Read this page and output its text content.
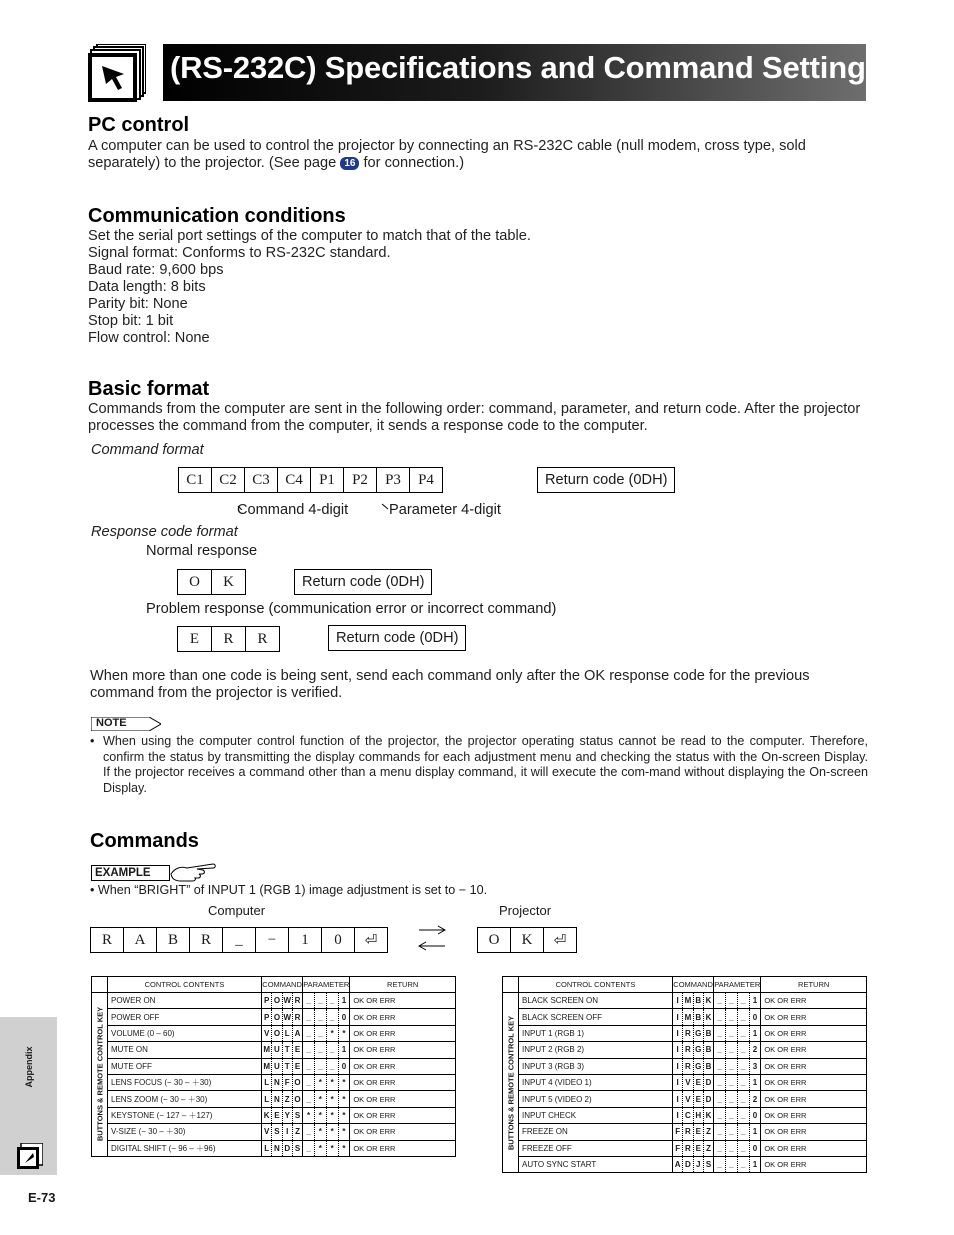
(RS-232C) Specifications and Command Settings
PC control
A computer can be used to control the projector by connecting an RS-232C cable (null modem, cross type, sold separately) to the projector. (See page 16 for connection.)
Communication conditions
Set the serial port settings of the computer to match that of the table.
Signal format: Conforms to RS-232C standard.
Baud rate: 9,600 bps
Data length: 8 bits
Parity bit: None
Stop bit: 1 bit
Flow control: None
Basic format
Commands from the computer are sent in the following order: command, parameter, and return code. After the projector processes the command from the computer, it sends a response code to the computer.
Command format
C1	C2	C3	C4	P1	P2	P3	P4	Return code (0DH)
Command 4-digit	Parameter 4-digit
Response code format
Normal response
O	K	Return code (0DH)
Problem response (communication error or incorrect command)
E	R	R	Return code (0DH)
When more than one code is being sent, send each command only after the OK response code for the previous command from the projector is verified.
NOTE
• When using the computer control function of the projector, the projector operating status cannot be read to the computer. Therefore, confirm the status by transmitting the display commands for each adjustment menu and checking the status with the On-screen Display. If the projector receives a command other than a menu display command, it will execute the com-mand without displaying the On-screen Display.
Commands
EXAMPLE
• When “BRIGHT” of INPUT 1 (RGB 1) image adjustment is set to − 10.
Computer	Projector
R	A	B	R	_	−	1	0	⏎	O	K	⏎
	CONTROL CONTENTS	COMMAND				PARAMETER				RETURN

BUTTONS & REMOTE CONTROL KEY	POWER ON	P	O	W	R	_	_	_	1	OK OR ERR
	POWER OFF	P	O	W	R	_	_	_	0	OK OR ERR
	VOLUME (0 – 60)	V	O	L	A	_	_	*	*	OK OR ERR
	MUTE ON	M	U	T	E	_	_	_	1	OK OR ERR
	MUTE OFF	M	U	T	E	_	_	_	0	OK OR ERR
	LENS FOCUS (− 30 – ＋30)	L	N	F	O	_	*	*	*	OK OR ERR
	LENS ZOOM (− 30 – ＋30)	L	N	Z	O	_	*	*	*	OK OR ERR
	KEYSTONE (− 127 – ＋127)	K	E	Y	S	*	*	*	*	OK OR ERR
	V-SIZE (− 30 – ＋30)	V	S	I	Z	_	*	*	*	OK OR ERR
	DIGITAL SHIFT (− 96 – ＋96)	L	N	D	S	_	*	*	*	OK OR ERR
	CONTROL CONTENTS	COMMAND				PARAMETER				RETURN

BUTTONS & REMOTE CONTROL KEY	BLACK SCREEN ON	I	M	B	K	_	_	_	1	OK OR ERR
	BLACK SCREEN OFF	I	M	B	K	_	_	_	0	OK OR ERR
	INPUT 1 (RGB 1)	I	R	G	B	_	_	_	1	OK OR ERR
	INPUT 2 (RGB 2)	I	R	G	B	_	_	_	2	OK OR ERR
	INPUT 3 (RGB 3)	I	R	G	B	_	_	_	3	OK OR ERR
	INPUT 4 (VIDEO 1)	I	V	E	D	_	_	_	1	OK OR ERR
	INPUT 5 (VIDEO 2)	I	V	E	D	_	_	_	2	OK OR ERR
	INPUT CHECK	I	C	H	K	_	_	_	0	OK OR ERR
	FREEZE ON	F	R	E	Z	_	_	_	1	OK OR ERR
	FREEZE OFF	F	R	E	Z	_	_	_	0	OK OR ERR
	AUTO SYNC START	A	D	J	S	_	_	_	1	OK OR ERR
Appendix
E-73
